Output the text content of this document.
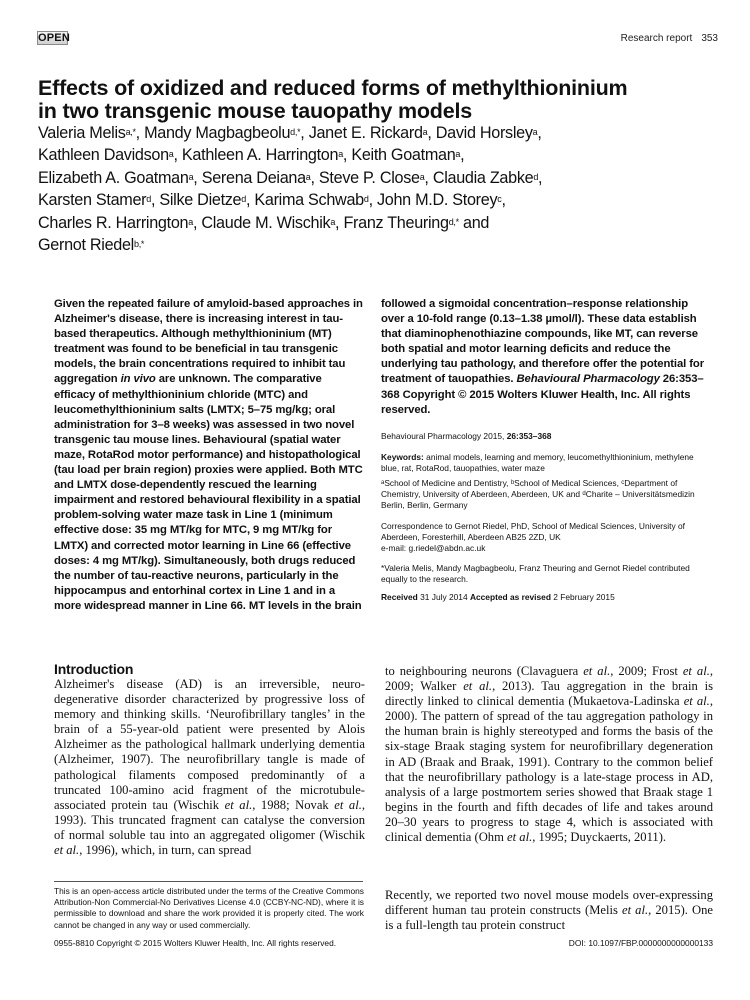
OPEN	Research report 353
Effects of oxidized and reduced forms of methylthioninium
in two transgenic mouse tauopathy models
Valeria Melis$^{a,*}$, Mandy Magbagbeolu$^{d,*}$, Janet E. Rickard$^a$, David Horsley$^a$,
Kathleen Davidson$^a$, Kathleen A. Harrington$^a$, Keith Goatman$^a$,
Elizabeth A. Goatman$^a$, Serena Deiana$^a$, Steve P. Close$^a$, Claudia Zabke$^d$,
Karsten Stamer$^d$, Silke Dietze$^d$, Karima Schwab$^d$, John M.D. Storey$^c$,
Charles R. Harrington$^a$, Claude M. Wischik$^a$, Franz Theuring$^{d,*}$ and
Gernot Riedel$^{b,*}$
Given the repeated failure of amyloid-based approaches in Alzheimer's disease, there is increasing interest in tau-based therapeutics. Although methylthioninium (MT) treatment was found to be beneficial in tau transgenic models, the brain concentrations required to inhibit tau aggregation in vivo are unknown. The comparative efficacy of methylthioninium chloride (MTC) and leucomethylthioninium salts (LMTX; 5–75 mg/kg; oral administration for 3–8 weeks) was assessed in two novel transgenic tau mouse lines. Behavioural (spatial water maze, RotaRod motor performance) and histopathological (tau load per brain region) proxies were applied. Both MTC and LMTX dose-dependently rescued the learning impairment and restored behavioural flexibility in a spatial problem-solving water maze task in Line 1 (minimum effective dose: 35 mg MT/kg for MTC, 9 mg MT/kg for LMTX) and corrected motor learning in Line 66 (effective doses: 4 mg MT/kg). Simultaneously, both drugs reduced the number of tau-reactive neurons, particularly in the hippocampus and entorhinal cortex in Line 1 and in a more widespread manner in Line 66. MT levels in the brain
followed a sigmoidal concentration–response relationship over a 10-fold range (0.13–1.38 µmol/l). These data establish that diaminophenothiazine compounds, like MT, can reverse both spatial and motor learning deficits and reduce the underlying tau pathology, and therefore offer the potential for treatment of tauopathies. Behavioural Pharmacology 26:353–368 Copyright © 2015 Wolters Kluwer Health, Inc. All rights reserved.
Behavioural Pharmacology 2015, 26:353–368
Keywords: animal models, learning and memory, leucomethylthioninium, methylene blue, rat, RotaRod, tauopathies, water maze
$^a$School of Medicine and Dentistry, $^b$School of Medical Sciences, $^c$Department of Chemistry, University of Aberdeen, Aberdeen, UK and $^d$Charite – Universitätsmedizin Berlin, Berlin, Germany
Correspondence to Gernot Riedel, PhD, School of Medical Sciences, University of Aberdeen, Foresterhill, Aberdeen AB25 2ZD, UK
e-mail: g.riedel@abdn.ac.uk
*Valeria Melis, Mandy Magbagbeolu, Franz Theuring and Gernot Riedel contributed equally to the research.
Received 31 July 2014 Accepted as revised 2 February 2015
Introduction
Alzheimer's disease (AD) is an irreversible, neuro-degenerative disorder characterized by progressive loss of memory and thinking skills. ‘Neurofibrillary tangles’ in the brain of a 55-year-old patient were presented by Alois Alzheimer as the pathological hallmark underlying dementia (Alzheimer, 1907). The neurofibrillary tangle is made of pathological filaments composed predominantly of a truncated 100-amino acid fragment of the microtubule-associated protein tau (Wischik et al., 1988; Novak et al., 1993). This truncated fragment can catalyse the conversion of normal soluble tau into an aggregated oligomer (Wischik et al., 1996), which, in turn, can spread
to neighbouring neurons (Clavaguera et al., 2009; Frost et al., 2009; Walker et al., 2013). Tau aggregation in the brain is directly linked to clinical dementia (Mukaetova-Ladinska et al., 2000). The pattern of spread of the tau aggregation pathology in the human brain is highly stereotyped and forms the basis of the six-stage Braak staging system for neurofibrillary degeneration in AD (Braak and Braak, 1991). Contrary to the common belief that the neurofibrillary pathology is a late-stage process in AD, analysis of a large postmortem series showed that Braak stage 1 begins in the fourth and fifth decades of life and takes around 20–30 years to progress to stage 4, which is associated with clinical dementia (Ohm et al., 1995; Duyckaerts, 2011).
Recently, we reported two novel mouse models over-expressing different human tau protein constructs (Melis et al., 2015). One is a full-length tau protein construct
This is an open-access article distributed under the terms of the Creative Commons Attribution-Non Commercial-No Derivatives License 4.0 (CCBY-NC-ND), where it is permissible to download and share the work provided it is properly cited. The work cannot be changed in any way or used commercially.
0955-8810 Copyright © 2015 Wolters Kluwer Health, Inc. All rights reserved.	DOI: 10.1097/FBP.0000000000000133
